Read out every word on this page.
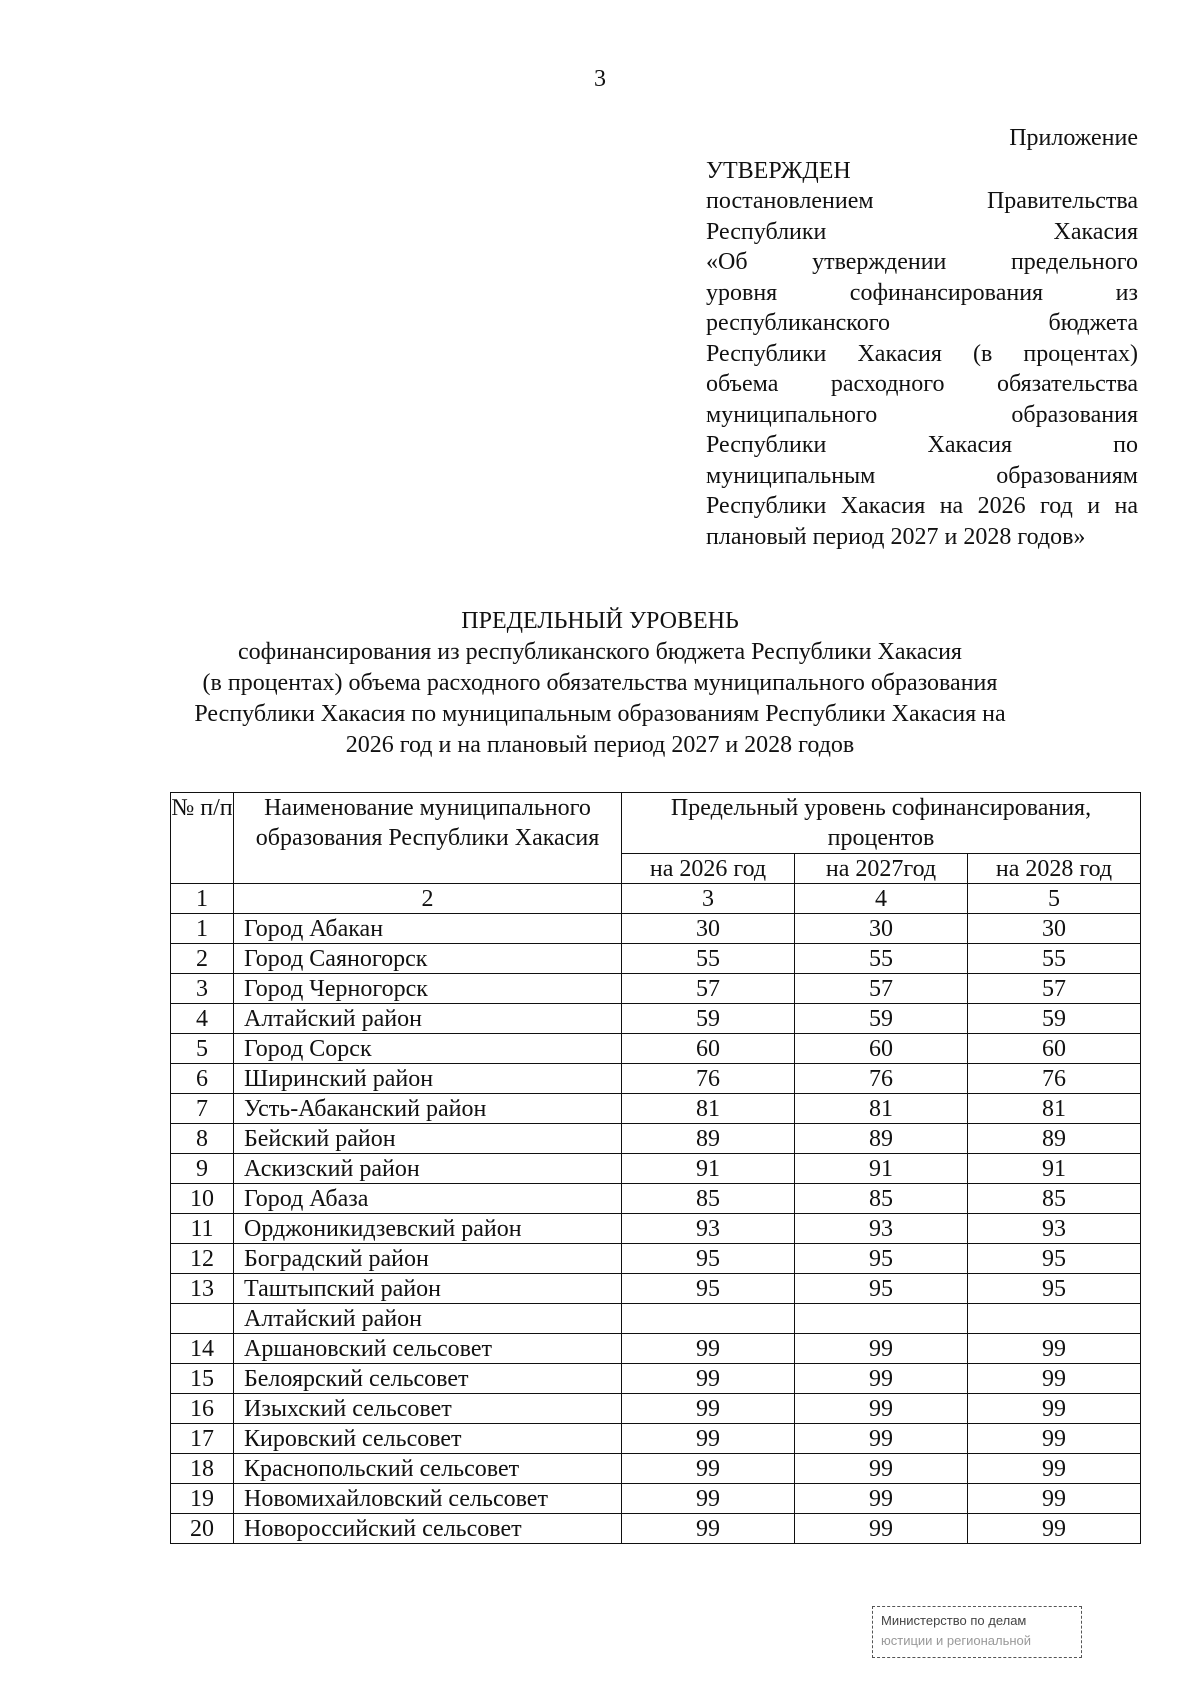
3
Приложение
УТВЕРЖДЕН
постановлением Правительства
Республики Хакасия
«Об утверждении предельного
уровня софинансирования из
республиканского бюджета
Республики Хакасия (в процентах)
объема расходного обязательства
муниципального образования
Республики Хакасия по
муниципальным образованиям
Республики Хакасия на 2026 год и на
плановый период 2027 и 2028 годов»
ПРЕДЕЛЬНЫЙ УРОВЕНЬ
софинансирования из республиканского бюджета Республики Хакасия
(в процентах) объема расходного обязательства муниципального образования
Республики Хакасия по муниципальным образованиям Республики Хакасия на
2026 год и на плановый период 2027 и 2028 годов
№ п/п	Наименование муниципального образования Республики Хакасия	Предельный уровень софинансирования, процентов		
		на 2026 год	на 2027год	на 2028 год
1	2	3	4	5
1	Город Абакан	30	30	30
2	Город Саяногорск	55	55	55
3	Город Черногорск	57	57	57
4	Алтайский район	59	59	59
5	Город Сорск	60	60	60
6	Ширинский район	76	76	76
7	Усть-Абаканский район	81	81	81
8	Бейский район	89	89	89
9	Аскизский район	91	91	91
10	Город Абаза	85	85	85
11	Орджоникидзевский район	93	93	93
12	Боградский район	95	95	95
13	Таштыпский район	95	95	95
	Алтайский район			
14	Аршановский сельсовет	99	99	99
15	Белоярский сельсовет	99	99	99
16	Изыхский сельсовет	99	99	99
17	Кировский сельсовет	99	99	99
18	Краснопольский сельсовет	99	99	99
19	Новомихайловский сельсовет	99	99	99
20	Новороссийский сельсовет	99	99	99
Министерство по делам
юстиции и региональной
